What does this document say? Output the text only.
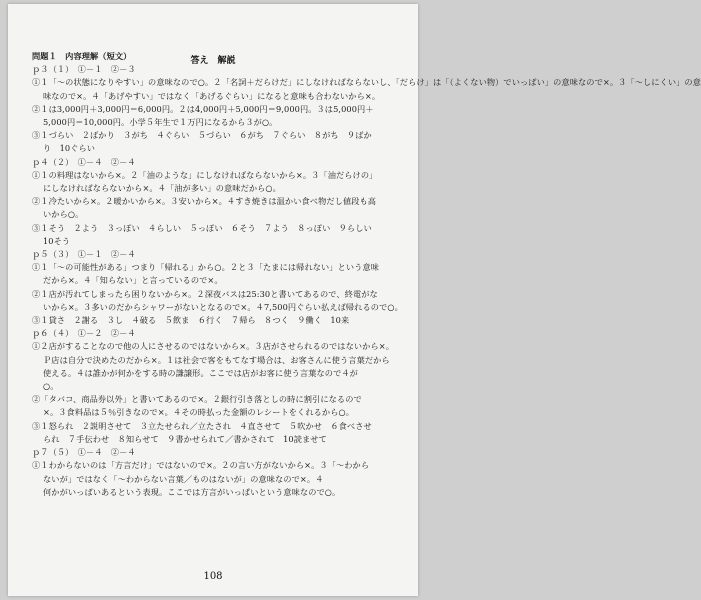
答え　解説
問題１　内容理解（短文）
ｐ３（１）　①－１　②－３
①１「～の状態になりやすい」の意味なので○。２「名詞＋だらけだ」にしなければならないし、「だらけ」は「（よくない物）でいっぱい」の意味なので×。３「～しにくい」の意
味なので×。４「あげやすい」ではなく「あげるぐらい」になると意味も合わないから×。
②１は3,000円＋3,000円＝6,000円。２は4,000円＋5,000円＝9,000円。３は5,000円＋
5,000円＝10,000円。小学５年生で１万円になるから３が○。
③１づらい　２ばかり　３がち　４ぐらい　５づらい　６がち　７ぐらい　８がち　９ばか
り　10ぐらい
ｐ４（２）　①－４　②－４
①１の料理はないから×。２「油のような」にしなければならないから×。３「油だらけの」
にしなければならないから×。４「油が多い」の意味だから○。
②１冷たいから×。２暖かいから×。３安いから×。４すき焼きは温かい食べ物だし値段も高
いから○。
③１そう　２よう　３っぽい　４らしい　５っぽい　６そう　７よう　８っぽい　９らしい
10そう
ｐ５（３）　①－１　②－４
①１「～の可能性がある」つまり「帰れる」から○。２と３「たまには帰れない」という意味
だから×。４「知らない」と言っているので×。
②１店が汚れてしまったら困りないから×。２深夜バスは25:30と書いてあるので、終電がな
いから×。３多いのだからシャワーがないとなるので×。４7,500円ぐらい払えば帰れるので○。
③１貸さ　２謝る　３し　４破る　５飲ま　６行く　７帰ら　８つく　９働く　10来
ｐ６（４）　①－２　②－４
①２店がすることなので他の人にさせるのではないから×。３店がさせられるのではないから×。
Ｐ店は自分で決めたのだから×。１は社会で客をもてなす場合は、お客さんに使う言葉だから
使える。４は誰かが何かをする時の謙譲形。ここでは店がお客に使う言葉なので４が
○。
②「タバコ、商品券以外」と書いてあるので×。２銀行引き落としの時に割引になるので
×。３食料品は５％引きなので×。４その時払った金額のレシートをくれるから○。
③１怒られ　２説明させて　３立たせられ／立たされ　４直させて　５吹かせ　６食べさせ
られ　７手伝わせ　８知らせて　９書かせられて／書かされて　10読ませて
ｐ７（５）　①－４　②－４
①１わからないのは「方言だけ」ではないので×。２の言い方がないから×。３「～わから
ないが」ではなく「～わからない言葉／ものはないが」の意味なので×。４
何かがいっぱいあるという表現。ここでは方言がいっぱいという意味なので○。
108
